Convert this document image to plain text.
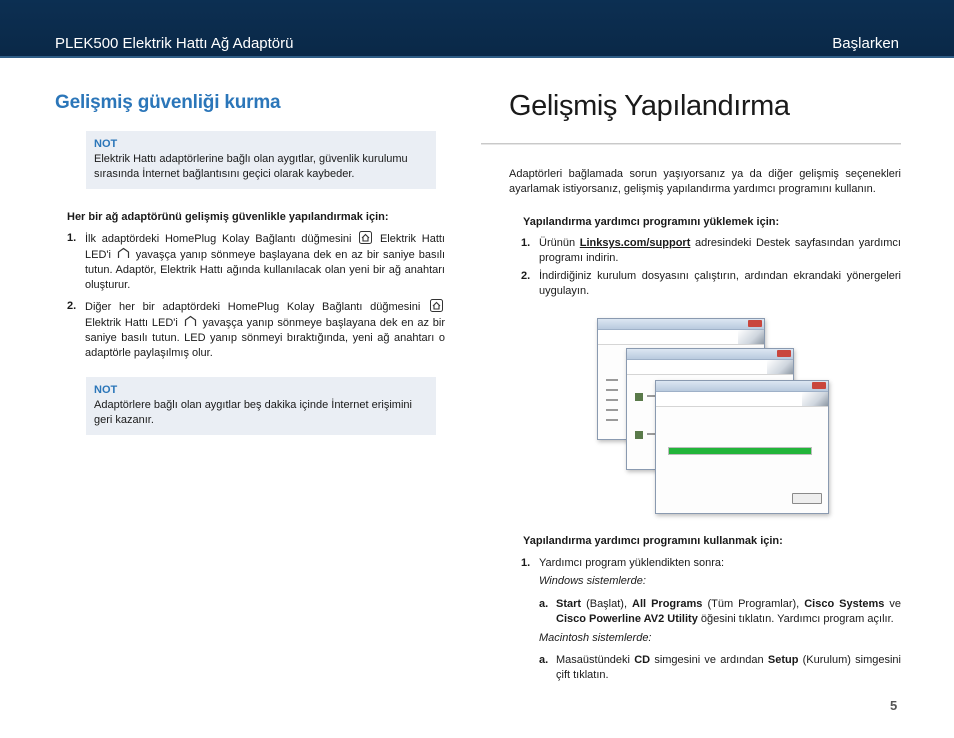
PLEK500 Elektrik Hattı Ağ Adaptörü	Başlarken
Gelişmiş güvenliği kurma
NOT
Elektrik Hattı adaptörlerine bağlı olan aygıtlar, güvenlik kurulumu sırasında İnternet bağlantısını geçici olarak kaybeder.
Her bir ağ adaptörünü gelişmiş güvenlikle yapılandırmak için:
1. İlk adaptördeki HomePlug Kolay Bağlantı düğmesini	Elektrik Hattı LED'i yavaşça yanıp sönmeye başlayana dek en az bir saniye basılı tutun. Adaptör, Elektrik Hattı ağında kullanılacak olan yeni bir ağ anahtarı oluşturur.
2. Diğer her bir adaptördeki HomePlug Kolay Bağlantı düğmesini  Elektrik Hattı LED'i yavaşça yanıp sönmeye başlayana dek en az bir saniye basılı tutun. LED yanıp sönmeyi bıraktığında, yeni ağ anahtarı o adaptörle paylaşılmış olur.
NOT
Adaptörlere bağlı olan aygıtlar beş dakika içinde İnternet erişimini geri kazanır.
Gelişmiş Yapılandırma
Adaptörleri bağlamada sorun yaşıyorsanız ya da diğer gelişmiş seçenekleri ayarlamak istiyorsanız, gelişmiş yapılandırma yardımcı programını kullanın.
Yapılandırma yardımcı programını yüklemek için:
1. Ürünün Linksys.com/support adresindeki Destek sayfasından yardımcı programı indirin.
2. İndirdiğiniz kurulum dosyasını çalıştırın, ardından ekrandaki yönergeleri uygulayın.
Yapılandırma yardımcı programını kullanmak için:
1. Yardımcı program yüklendikten sonra:
Windows sistemlerde:
a. Start (Başlat), All Programs (Tüm Programlar), Cisco Systems ve Cisco Powerline AV2 Utility öğesini tıklatın. Yardımcı program açılır.
Macintosh sistemlerde:
a. Masaüstündeki CD simgesini ve ardından Setup (Kurulum) simgesini çift tıklatın.
5
